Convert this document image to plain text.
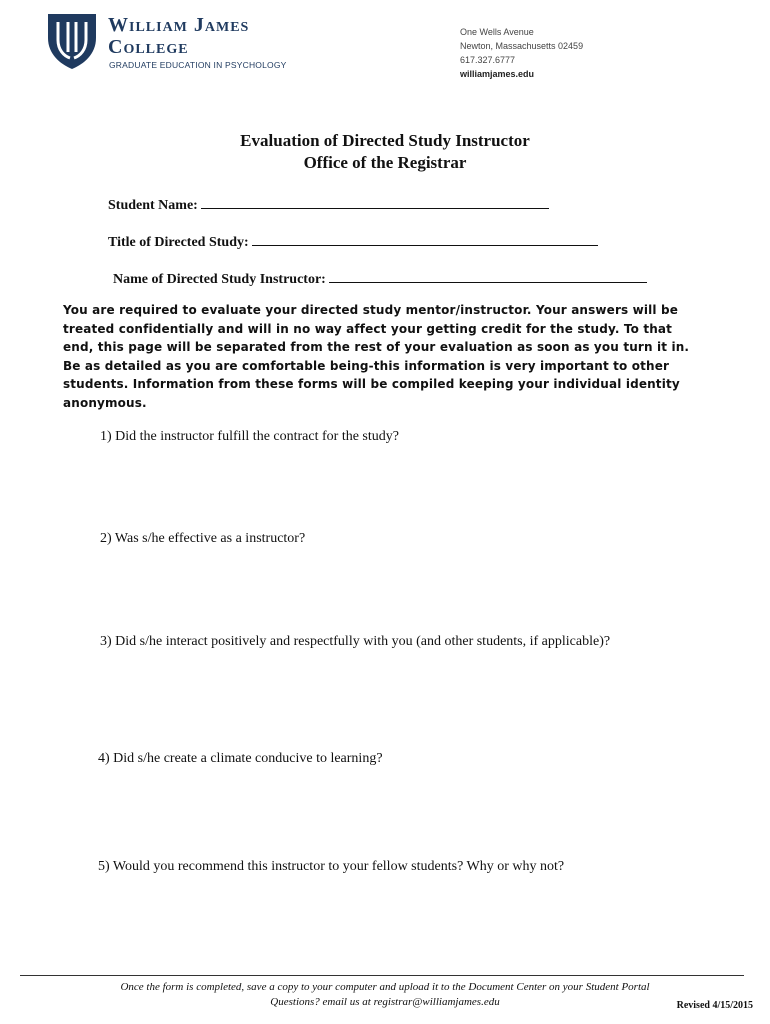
William James
College
GRADUATE EDUCATION IN PSYCHOLOGY
One Wells Avenue
Newton, Massachusetts 02459
617.327.6777
williamjames.edu
Evaluation of Directed Study Instructor
Office of the Registrar
Student Name:
Title of Directed Study:
Name of Directed Study Instructor:
You are required to evaluate your directed study mentor/instructor. Your answers will be treated confidentially and will in no way affect your getting credit for the study. To that end, this page will be separated from the rest of your evaluation as soon as you turn it in. Be as detailed as you are comfortable being-this information is very important to other students. Information from these forms will be compiled keeping your individual identity anonymous.
1) Did the instructor fulfill the contract for the study?
2) Was s/he effective as a instructor?
3) Did s/he interact positively and respectfully with you (and other students, if applicable)?
4) Did s/he create a climate conducive to learning?
5) Would you recommend this instructor to your fellow students? Why or why not?
Once the form is completed, save a copy to your computer and upload it to the Document Center on your Student Portal
Questions? email us at registrar@williamjames.edu	Revised 4/15/2015
